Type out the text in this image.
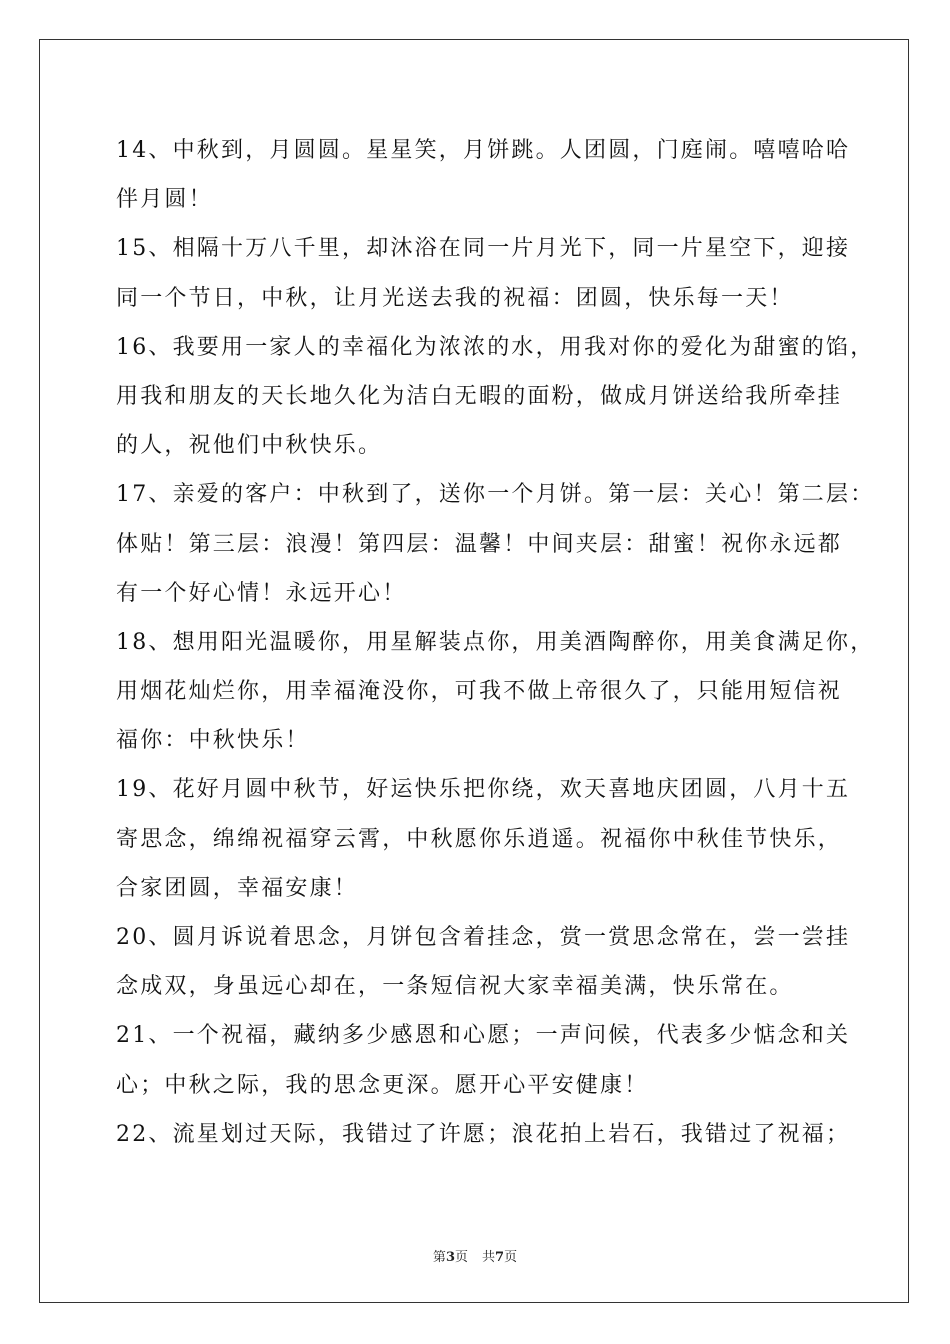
14、中秋到，月圆圆。星星笑，月饼跳。人团圆，门庭闹。嘻嘻哈哈
伴月圆！
15、相隔十万八千里，却沐浴在同一片月光下，同一片星空下，迎接
同一个节日，中秋，让月光送去我的祝福：团圆，快乐每一天！
16、我要用一家人的幸福化为浓浓的水，用我对你的爱化为甜蜜的馅，
用我和朋友的天长地久化为洁白无暇的面粉，做成月饼送给我所牵挂
的人，祝他们中秋快乐。
17、亲爱的客户：中秋到了，送你一个月饼。第一层：关心！第二层：
体贴！第三层：浪漫！第四层：温馨！中间夹层：甜蜜！祝你永远都
有一个好心情！永远开心！
18、想用阳光温暖你，用星解装点你，用美酒陶醉你，用美食满足你，
用烟花灿烂你，用幸福淹没你，可我不做上帝很久了，只能用短信祝
福你：中秋快乐！
19、花好月圆中秋节，好运快乐把你绕，欢天喜地庆团圆，八月十五
寄思念，绵绵祝福穿云霄，中秋愿你乐逍遥。祝福你中秋佳节快乐，
合家团圆，幸福安康！
20、圆月诉说着思念，月饼包含着挂念，赏一赏思念常在，尝一尝挂
念成双，身虽远心却在，一条短信祝大家幸福美满，快乐常在。
21、一个祝福，藏纳多少感恩和心愿；一声问候，代表多少惦念和关
心；中秋之际，我的思念更深。愿开心平安健康！
22、流星划过天际，我错过了许愿；浪花拍上岩石，我错过了祝福；
第3页 共7页
